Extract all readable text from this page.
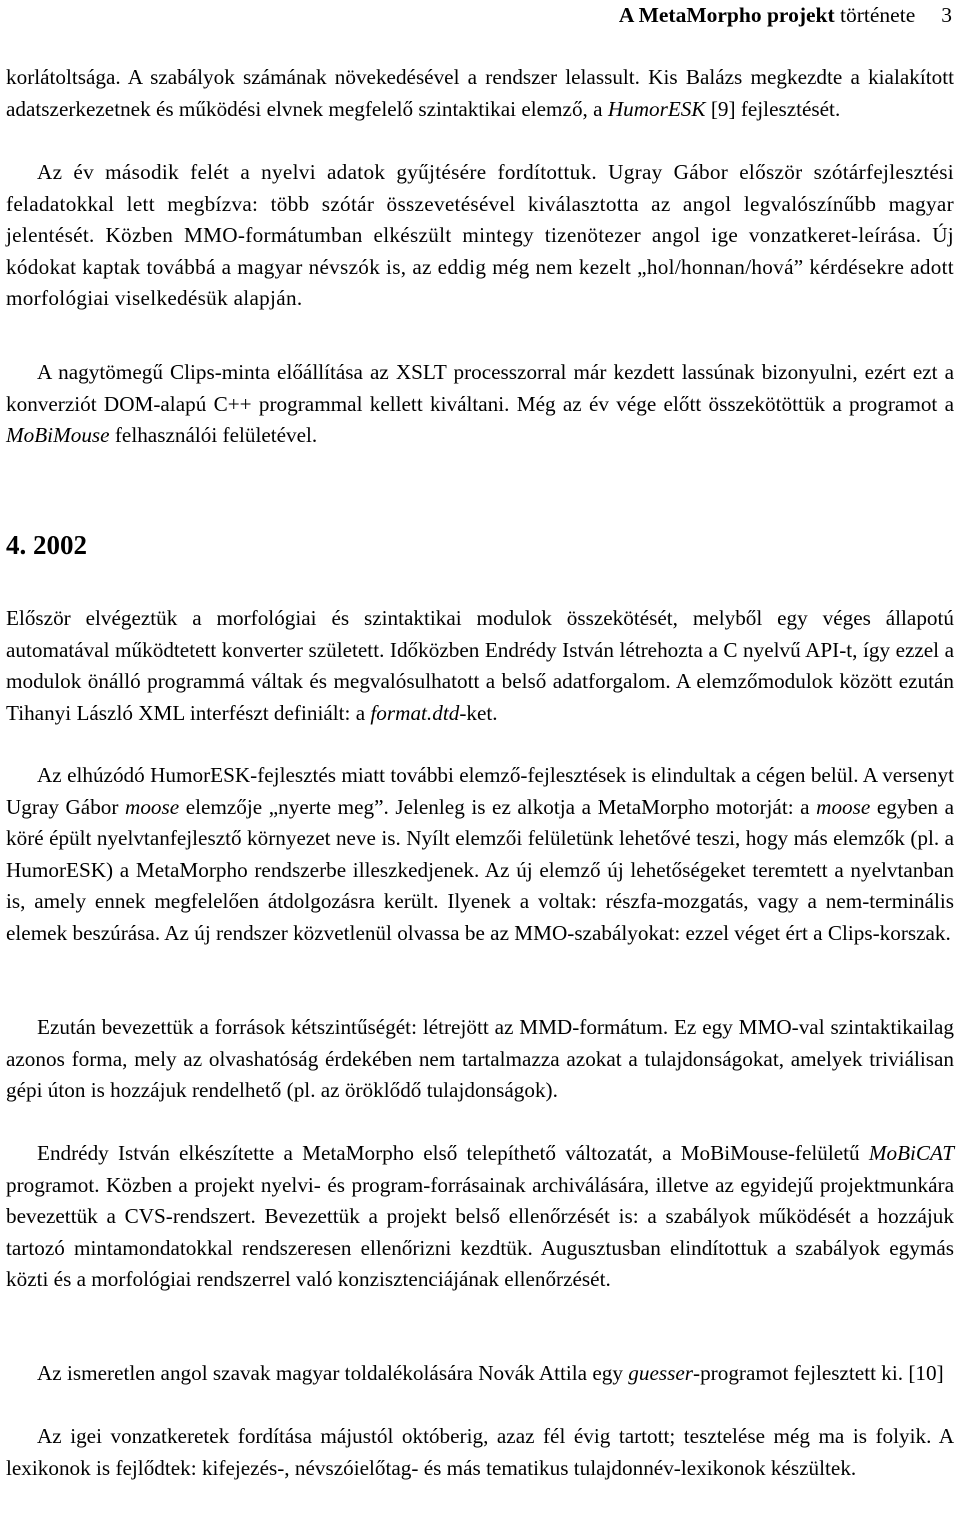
A MetaMorpho projekt története 3

korlátoltsága. A szabályok számának növekedésével a rendszer lelassult. Kis Balázs megkezdte a kialakított adatszerkezetnek és működési elvnek megfelelő szintaktikai elemző, a HumorESK [9] fejlesztését.

Az év második felét a nyelvi adatok gyűjtésére fordítottuk. Ugray Gábor először szótárfejlesztési feladatokkal lett megbízva: több szótár összevetésével kiválasztotta az angol legvalószínűbb magyar jelentését. Közben MMO-formátumban elkészült mintegy tizenötezer angol ige vonzatkeret-leírása. Új kódokat kaptak továbbá a magyar névszók is, az eddig még nem kezelt „hol/honnan/hová” kérdésekre adott morfológiai viselkedésük alapján.

A nagytömegű Clips-minta előállítása az XSLT processzorral már kezdett lassúnak bizonyulni, ezért ezt a konverziót DOM-alapú C++ programmal kellett kiváltani. Még az év vége előtt összekötöttük a programot a MoBiMouse felhasználói felületével.

4. 2002

Először elvégeztük a morfológiai és szintaktikai modulok összekötését, melyből egy véges állapotú automatával működtetett konverter született. Időközben Endrédy István létrehozta a C nyelvű API-t, így ezzel a modulok önálló programmá váltak és megvalósulhatott a belső adatforgalom. A elemzőmodulok között ezután Tihanyi László XML interfészt definiált: a format.dtd-ket.

Az elhúzódó HumorESK-fejlesztés miatt további elemző-fejlesztések is elindultak a cégen belül. A versenyt Ugray Gábor moose elemzője „nyerte meg”. Jelenleg is ez alkotja a MetaMorpho motorját: a moose egyben a köré épült nyelvtanfejlesztő környezet neve is. Nyílt elemzői felületünk lehetővé teszi, hogy más elemzők (pl. a HumorESK) a MetaMorpho rendszerbe illeszkedjenek. Az új elemző új lehetőségeket teremtett a nyelvtanban is, amely ennek megfelelően átdolgozásra került. Ilyenek a voltak: részfa-mozgatás, vagy a nem-terminális elemek beszúrása. Az új rendszer közvetlenül olvassa be az MMO-szabályokat: ezzel véget ért a Clips-korszak.

Ezután bevezettük a források kétszintűségét: létrejött az MMD-formátum. Ez egy MMO-val szintaktikailag azonos forma, mely az olvashatóság érdekében nem tartalmazza azokat a tulajdonságokat, amelyek triviálisan gépi úton is hozzájuk rendelhető (pl. az öröklődő tulajdonságok).

Endrédy István elkészítette a MetaMorpho első telepíthető változatát, a MoBiMouse-felületű MoBiCAT programot. Közben a projekt nyelvi- és program-forrásainak archiválására, illetve az egyidejű projektmunkára bevezettük a CVS-rendszert. Bevezettük a projekt belső ellenőrzését is: a szabályok működését a hozzájuk tartozó mintamondatokkal rendszeresen ellenőrizni kezdtük. Augusztusban elindítottuk a szabályok egymás közti és a morfológiai rendszerrel való konzisztenciájának ellenőrzését.

Az ismeretlen angol szavak magyar toldalékolására Novák Attila egy guesser-programot fejlesztett ki. [10]

Az igei vonzatkeretek fordítása májustól októberig, azaz fél évig tartott; tesztelése még ma is folyik. A lexikonok is fejlődtek: kifejezés-, névszóielőtag- és más tematikus tulajdonnév-lexikonok készültek.
